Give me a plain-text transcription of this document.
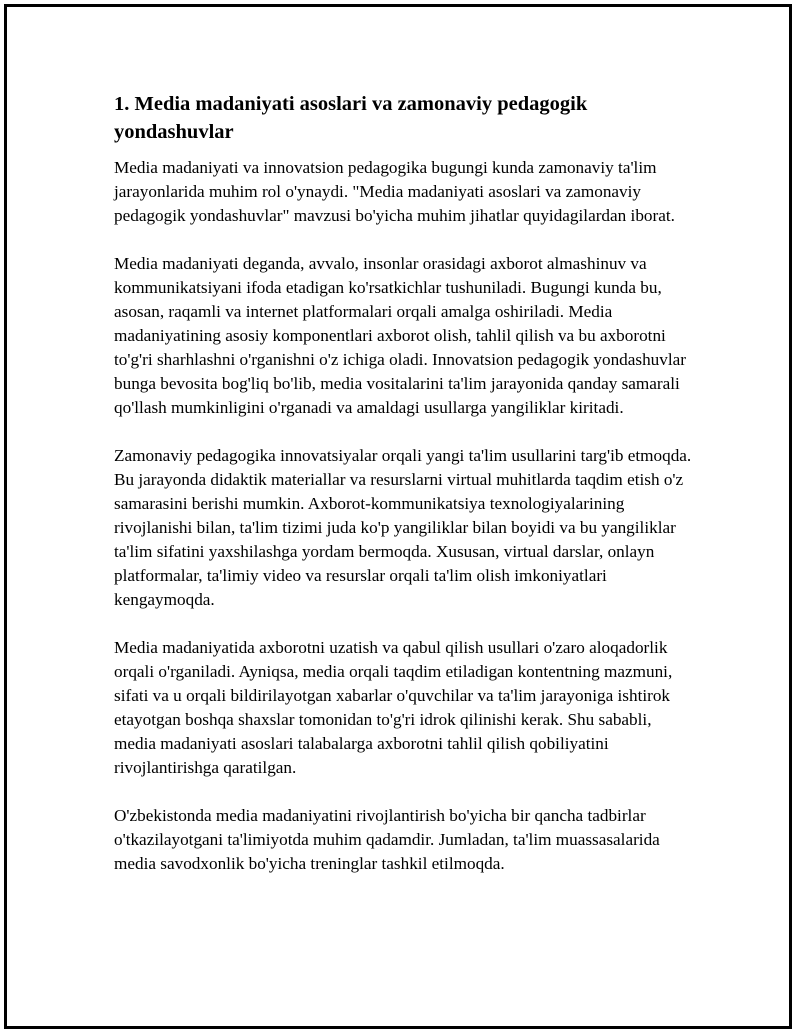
1. Media madaniyati asoslari va zamonaviy pedagogik yondashuvlar

Media madaniyati va innovatsion pedagogika bugungi kunda zamonaviy ta'lim jarayonlarida muhim rol o'ynaydi. "Media madaniyati asoslari va zamonaviy pedagogik yondashuvlar" mavzusi bo'yicha muhim jihatlar quyidagilardan iborat.

Media madaniyati deganda, avvalo, insonlar orasidagi axborot almashinuv va kommunikatsiyani ifoda etadigan ko'rsatkichlar tushuniladi. Bugungi kunda bu, asosan, raqamli va internet platformalari orqali amalga oshiriladi. Media madaniyatining asosiy komponentlari axborot olish, tahlil qilish va bu axborotni to'g'ri sharhlashni o'rganishni o'z ichiga oladi. Innovatsion pedagogik yondashuvlar bunga bevosita bog'liq bo'lib, media vositalarini ta'lim jarayonida qanday samarali qo'llash mumkinligini o'rganadi va amaldagi usullarga yangiliklar kiritadi.

Zamonaviy pedagogika innovatsiyalar orqali yangi ta'lim usullarini targ'ib etmoqda. Bu jarayonda didaktik materiallar va resurslarni virtual muhitlarda taqdim etish o'z samarasini berishi mumkin. Axborot-kommunikatsiya texnologiyalarining rivojlanishi bilan, ta'lim tizimi juda ko'p yangiliklar bilan boyidi va bu yangiliklar ta'lim sifatini yaxshilashga yordam bermoqda. Xususan, virtual darslar, onlayn platformalar, ta'limiy video va resurslar orqali ta'lim olish imkoniyatlari kengaymoqda.

Media madaniyatida axborotni uzatish va qabul qilish usullari o'zaro aloqadorlik orqali o'rganiladi. Ayniqsa, media orqali taqdim etiladigan kontentning mazmuni, sifati va u orqali bildirilayotgan xabarlar o'quvchilar va ta'lim jarayoniga ishtirok etayotgan boshqa shaxslar tomonidan to'g'ri idrok qilinishi kerak. Shu sababli, media madaniyati asoslari talabalarga axborotni tahlil qilish qobiliyatini rivojlantirishga qaratilgan.

O'zbekistonda media madaniyatini rivojlantirish bo'yicha bir qancha tadbirlar o'tkazilayotgani ta'limiyotda muhim qadamdir. Jumladan, ta'lim muassasalarida media savodxonlik bo'yicha treninglar tashkil etilmoqda.
